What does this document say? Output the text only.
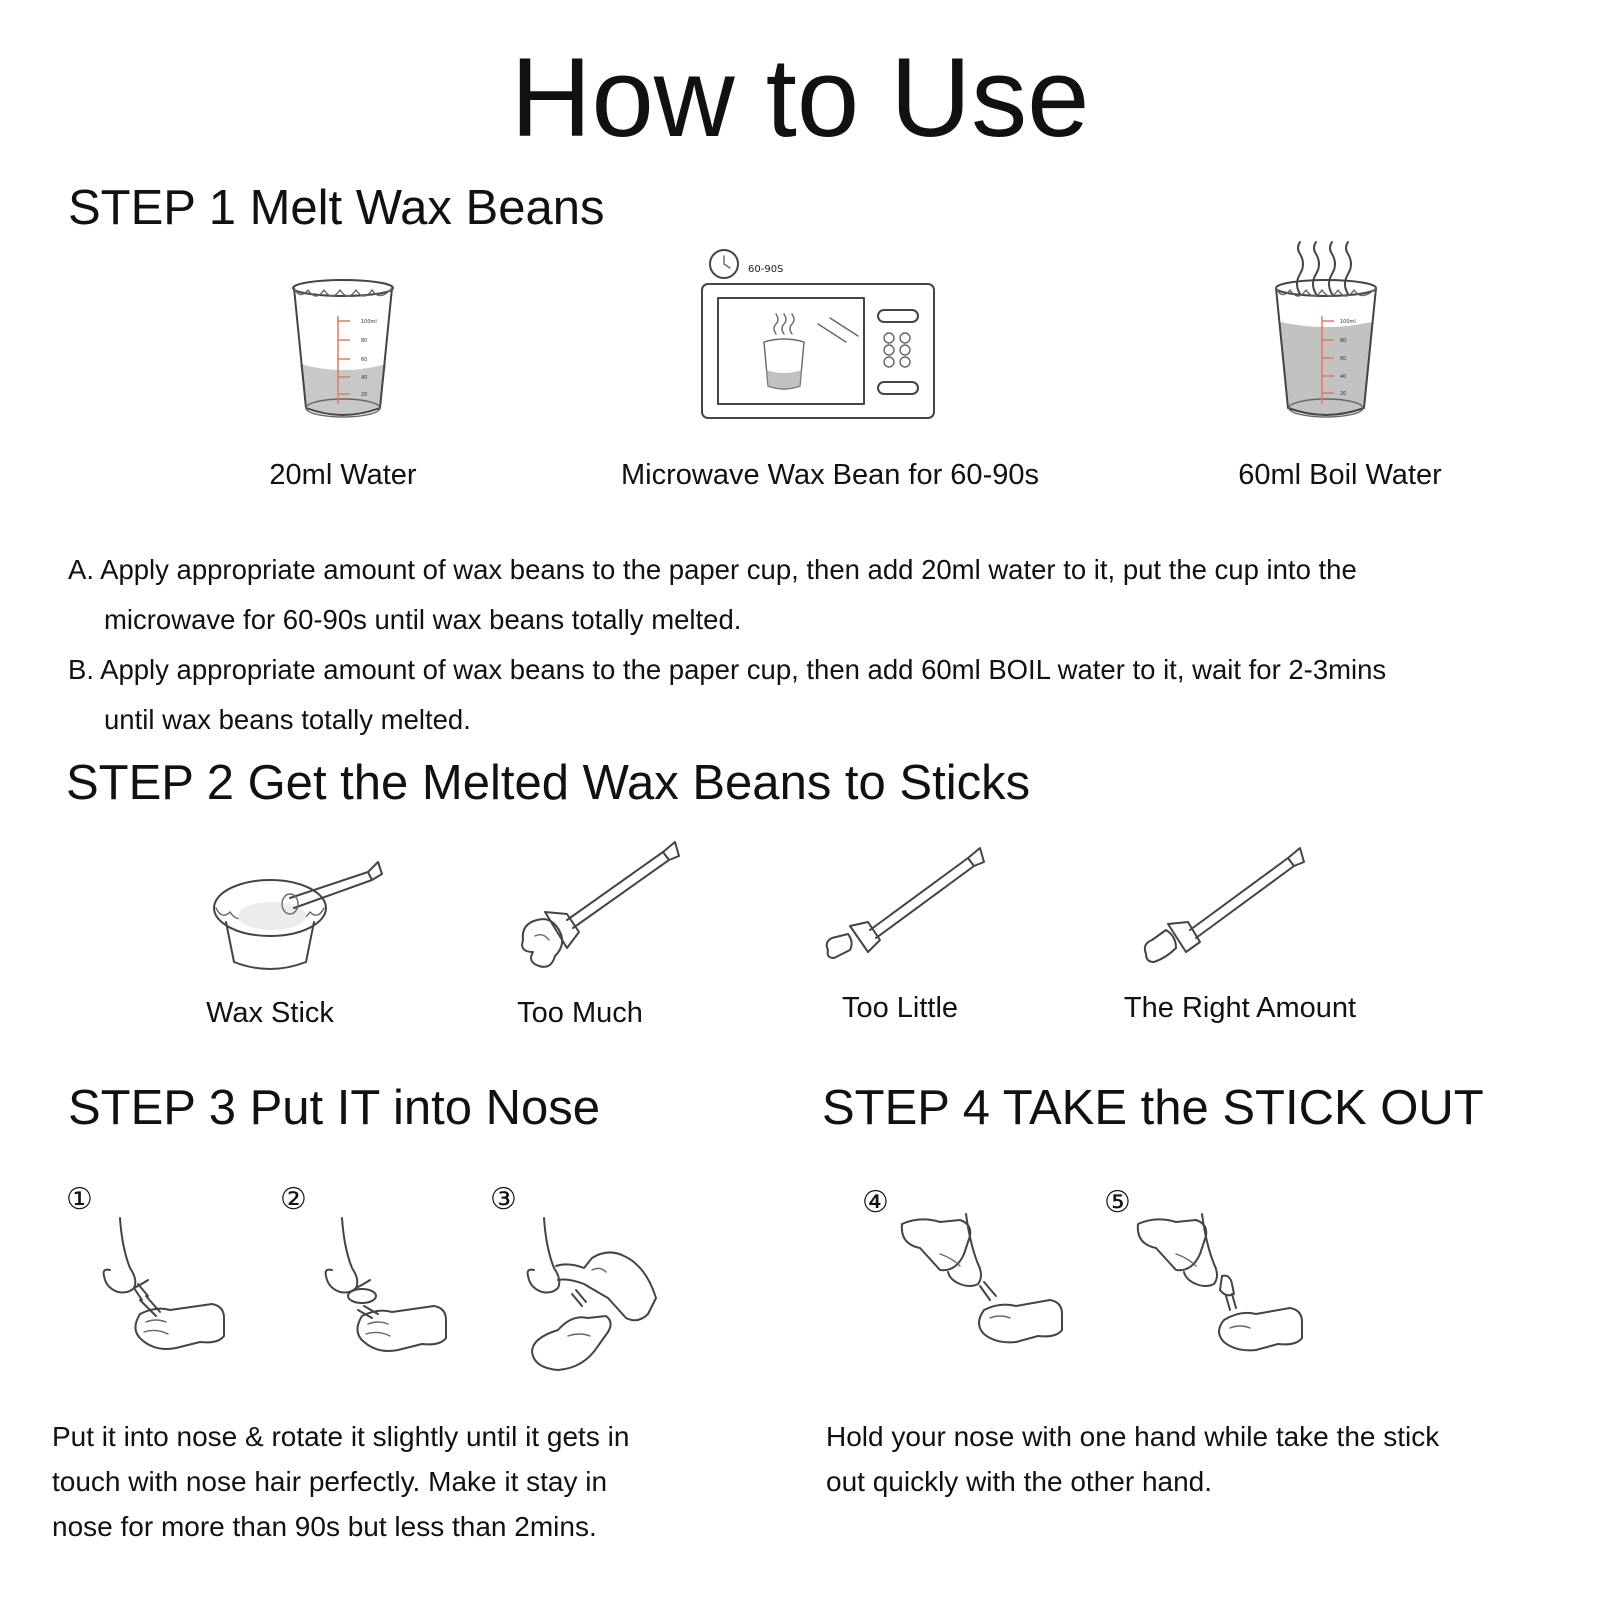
How to Use
STEP 1 Melt Wax Beans
100ml
80
60
40
20
60-90S
100ml
80
60
40
20
20ml Water	Microwave Wax Bean for 60-90s	60ml Boil Water
A. Apply appropriate amount of wax beans to the paper cup, then add 20ml water to it, put the cup into the
microwave for 60-90s until wax beans totally melted.
B. Apply appropriate amount of wax beans to the paper cup, then add 60ml BOIL water to it, wait for 2-3mins
until wax beans totally melted.
STEP 2 Get the Melted Wax Beans to Sticks
Wax Stick	Too Much	Too Little	The Right Amount
STEP 3 Put IT into Nose
①	②	③
Put it into nose & rotate it slightly until it gets in
touch with nose hair perfectly. Make it stay in
nose for more than 90s but less than 2mins.
STEP 4 TAKE the STICK OUT
④	⑤
Hold your nose with one hand while take the stick
out quickly with the other hand.
